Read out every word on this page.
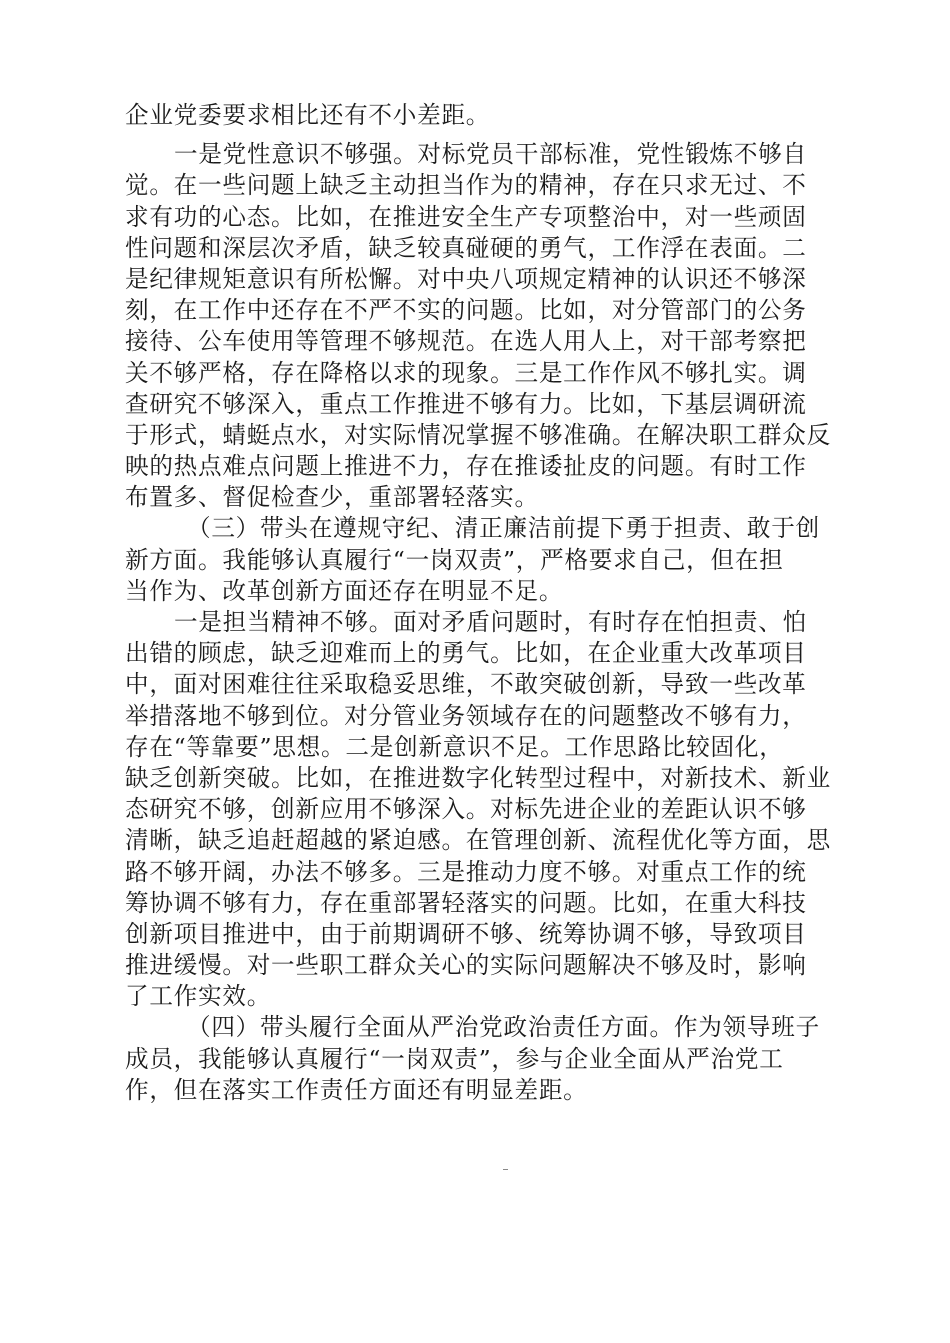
企业党委要求相比还有不小差距。
一是党性意识不够强。对标党员干部标准，党性锻炼不够自
觉。在一些问题上缺乏主动担当作为的精神，存在只求无过、不
求有功的心态。比如，在推进安全生产专项整治中，对一些顽固
性问题和深层次矛盾，缺乏较真碰硬的勇气，工作浮在表面。二
是纪律规矩意识有所松懈。对中央八项规定精神的认识还不够深
刻，在工作中还存在不严不实的问题。比如，对分管部门的公务
接待、公车使用等管理不够规范。在选人用人上，对干部考察把
关不够严格，存在降格以求的现象。三是工作作风不够扎实。调
查研究不够深入，重点工作推进不够有力。比如，下基层调研流
于形式，蜻蜓点水，对实际情况掌握不够准确。在解决职工群众反
映的热点难点问题上推进不力，存在推诿扯皮的问题。有时工作
布置多、督促检查少，重部署轻落实。
（三）带头在遵规守纪、清正廉洁前提下勇于担责、敢于创
新方面。我能够认真履行“一岗双责”，严格要求自己，但在担
当作为、改革创新方面还存在明显不足。
一是担当精神不够。面对矛盾问题时，有时存在怕担责、怕
出错的顾虑，缺乏迎难而上的勇气。比如，在企业重大改革项目
中，面对困难往往采取稳妥思维，不敢突破创新，导致一些改革
举措落地不够到位。对分管业务领域存在的问题整改不够有力，
存在“等靠要”思想。二是创新意识不足。工作思路比较固化，
缺乏创新突破。比如，在推进数字化转型过程中，对新技术、新业
态研究不够，创新应用不够深入。对标先进企业的差距认识不够
清晰，缺乏追赶超越的紧迫感。在管理创新、流程优化等方面，思
路不够开阔，办法不够多。三是推动力度不够。对重点工作的统
筹协调不够有力，存在重部署轻落实的问题。比如，在重大科技
创新项目推进中，由于前期调研不够、统筹协调不够，导致项目
推进缓慢。对一些职工群众关心的实际问题解决不够及时，影响
了工作实效。
（四）带头履行全面从严治党政治责任方面。作为领导班子
成员，我能够认真履行“一岗双责”，参与企业全面从严治党工
作，但在落实工作责任方面还有明显差距。
